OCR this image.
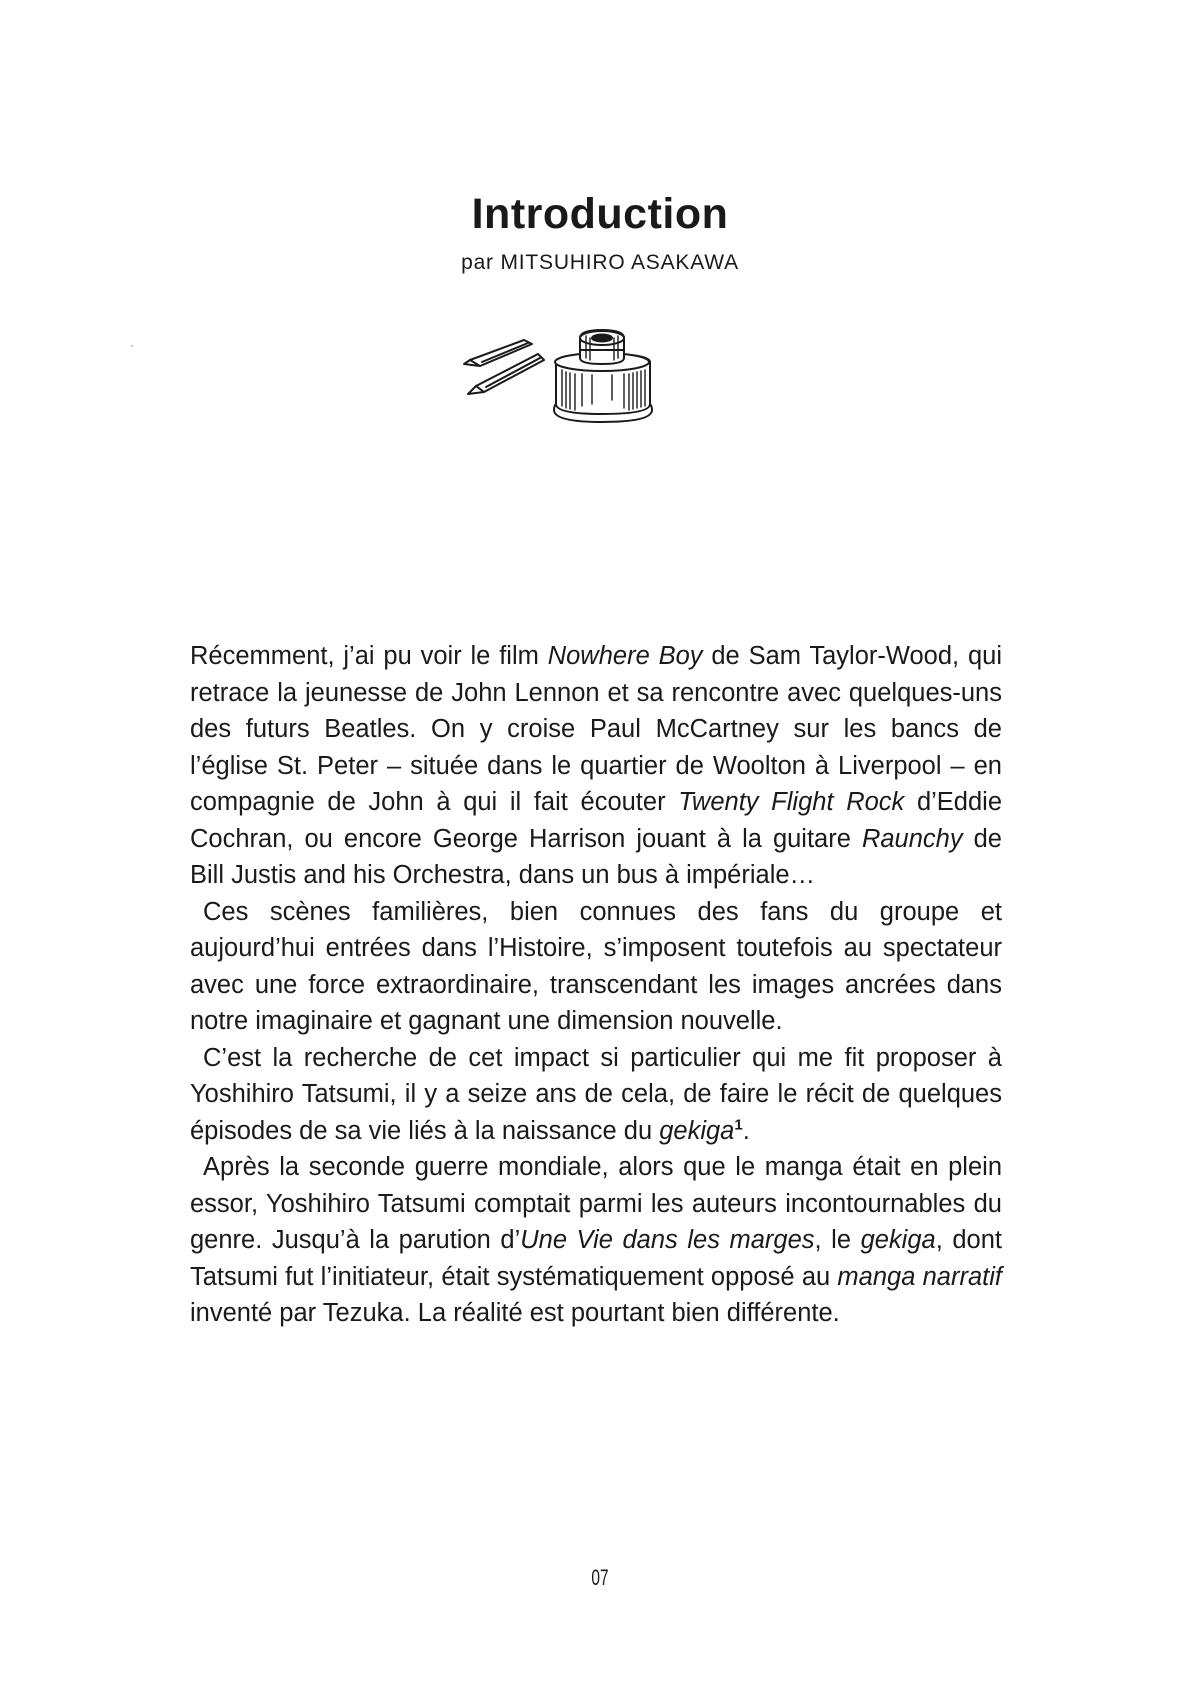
Introduction
par MITSUHIRO ASAKAWA

Récemment, j’ai pu voir le film Nowhere Boy de Sam Taylor-Wood, qui retrace la jeunesse de John Lennon et sa rencontre avec quelques-uns des futurs Beatles. On y croise Paul McCartney sur les bancs de l’église St. Peter – située dans le quartier de Woolton à Liverpool – en compagnie de John à qui il fait écouter Twenty Flight Rock d’Eddie Cochran, ou encore George Harrison jouant à la guitare Raunchy de Bill Justis and his Orchestra, dans un bus à impériale…

Ces scènes familières, bien connues des fans du groupe et aujourd’hui entrées dans l’Histoire, s’imposent toutefois au spectateur avec une force extraordinaire, transcendant les images ancrées dans notre imaginaire et gagnant une dimension nouvelle.

C’est la recherche de cet impact si particulier qui me fit proposer à Yoshihiro Tatsumi, il y a seize ans de cela, de faire le récit de quelques épisodes de sa vie liés à la naissance du gekiga$^1$.

Après la seconde guerre mondiale, alors que le manga était en plein essor, Yoshihiro Tatsumi comptait parmi les auteurs incontournables du genre. Jusqu’à la parution d’Une Vie dans les marges, le gekiga, dont Tatsumi fut l’initiateur, était systématiquement opposé au manga narratif inventé par Tezuka. La réalité est pourtant bien différente.

07
